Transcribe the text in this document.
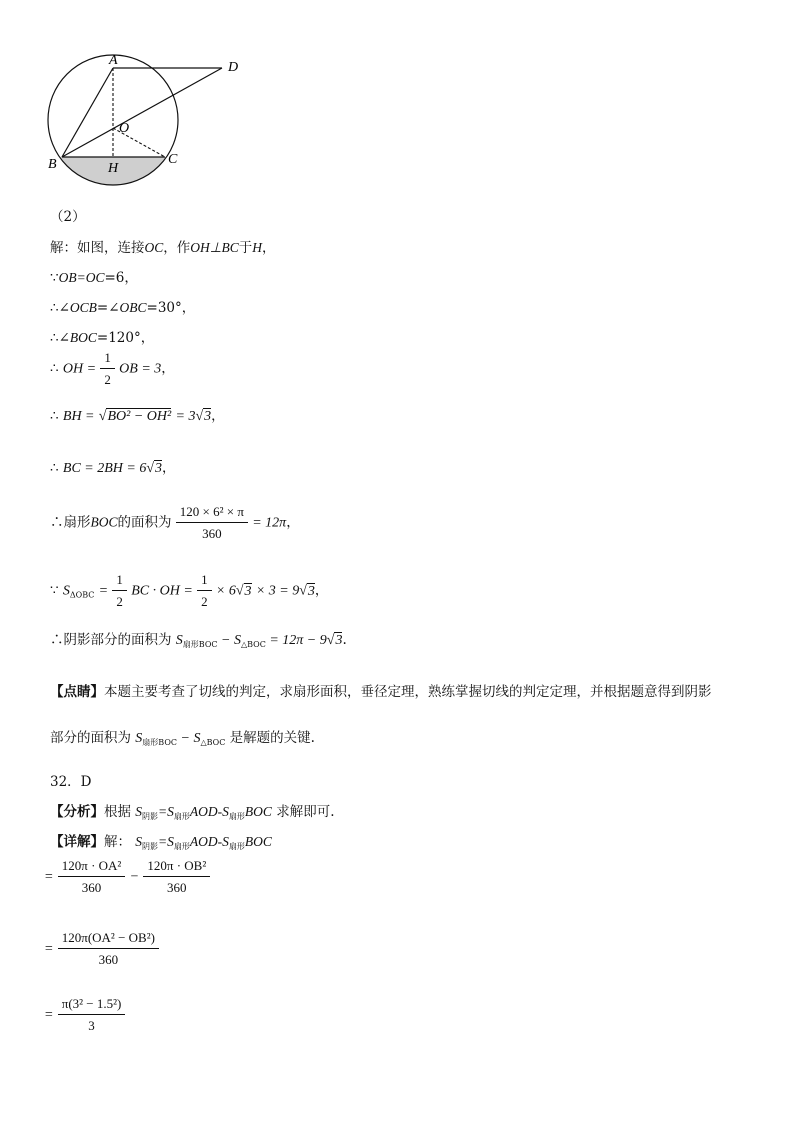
A	D
O
B	H
C
（2）
解：如图，连接OC，作OH⊥BC于H，
∵OB=OC=6，
∴∠OCB=∠OBC=30°，
∴∠BOC=120°，
∴ OH = $\frac{1}{2}$ OB = 3，
∴ BH = √BO² − OH² = 3√3，
∴ BC = 2BH = 6√3，
∴扇形BOC的面积为 $\frac{\text{120 × 6² × π}}{360} = 12\pi$，
∵ $S_{\Delta OBC} = \frac{1}{2}$ BC · OH = $\frac{1}{2} \times 6√3 \times 3 = 9√3$，
∴阴影部分的面积为 $S_{扇形BOC} - S_{\triangle BOC} = 12\pi - 9√3$.
【点睛】本题主要考查了切线的判定，求扇形面积，垂径定理，熟练掌握切线的判定定理，并根据题意得到阴影
部分的面积为 $S_{扇形BOC} - S_{\triangle BOC}$ 是解题的关键.
32．D
【分析】根据 $S_{阴影}=S_{扇形}AOD-S_{扇形}BOC$ 求解即可.
【详解】解： $S_{阴影}=S_{扇形}AOD-S_{扇形}BOC$
= $\frac{\text{120π · OA²}}{360} - \frac{\text{120π · OB²}}{360}$
= $\frac{\text{120π(OA² − OB²)}}{360}$
= $\frac{\text{π(3² − 1.5²)}}{3}$
